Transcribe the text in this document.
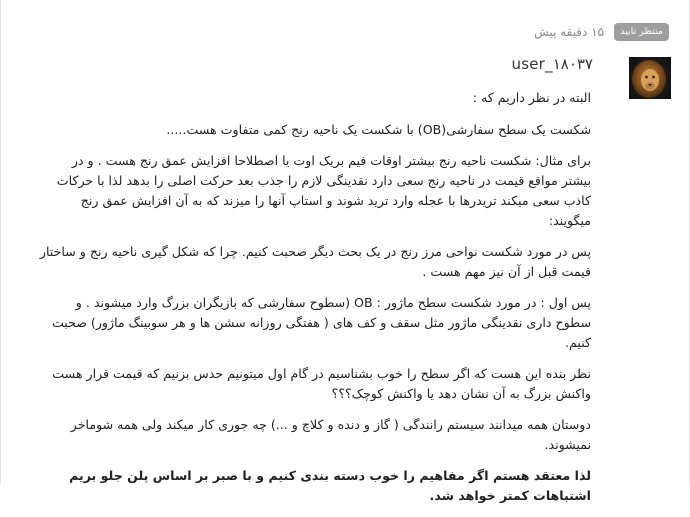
منتظر تایید
۱۵ دقیقه پیش
user_۱۸۰۳۷

البته در نظر داریم که :

شکست یک سطح سفارشی(OB) با شکست یک ناحیه رنج کمی متفاوت هست.....

برای مثال: شکست ناحیه رنج بیشتر اوقات فیم بریک اوت یا اصطلاحا افزایش عمق رنج هست . و در بیشتر مواقع قیمت در ناحیه رنج سعی دارد نقدینگی لازم را جذب بعد حرکت اصلی را بدهد لذا با حرکات کاذب سعی میکند تریدرها با عجله وارد ترید شوند و استاپ آنها را میزند که به آن افزایش عمق رنج میگویند:

پس در مورد شکست نواحی مرز رنج در یک بحث دیگر صحبت کنیم. چرا که شکل گیری ناحیه رنج و ساختار قیمت قبل از آن نیز مهم هست .

پس اول : در مورد شکست سطح ماژور : OB (سطوح سفارشی که بازیگران بزرگ وارد میشوند . و سطوح داری نقدینگی ماژور مثل سقف و کف های ( هفتگی روزانه سشن ها و هر سوبینگ ماژور) صحبت کنیم.

نظر بنده این هست که اگر سطح را خوب بشناسیم در گام اول میتونیم حدس بزنیم که قیمت قرار هست واکنش بزرگ به آن نشان دهد یا واکنش کوچک؟؟؟

دوستان همه میدانند سیستم رانندگی ( گاز و دنده و کلاچ و ...) چه جوری کار میکند ولی همه شوماخر نمیشوند.

لذا معتقد هستم اگر مفاهیم را خوب دسته بندی کنیم و با صبر بر اساس پلن جلو بریم اشتباهات کمتر خواهد شد.
